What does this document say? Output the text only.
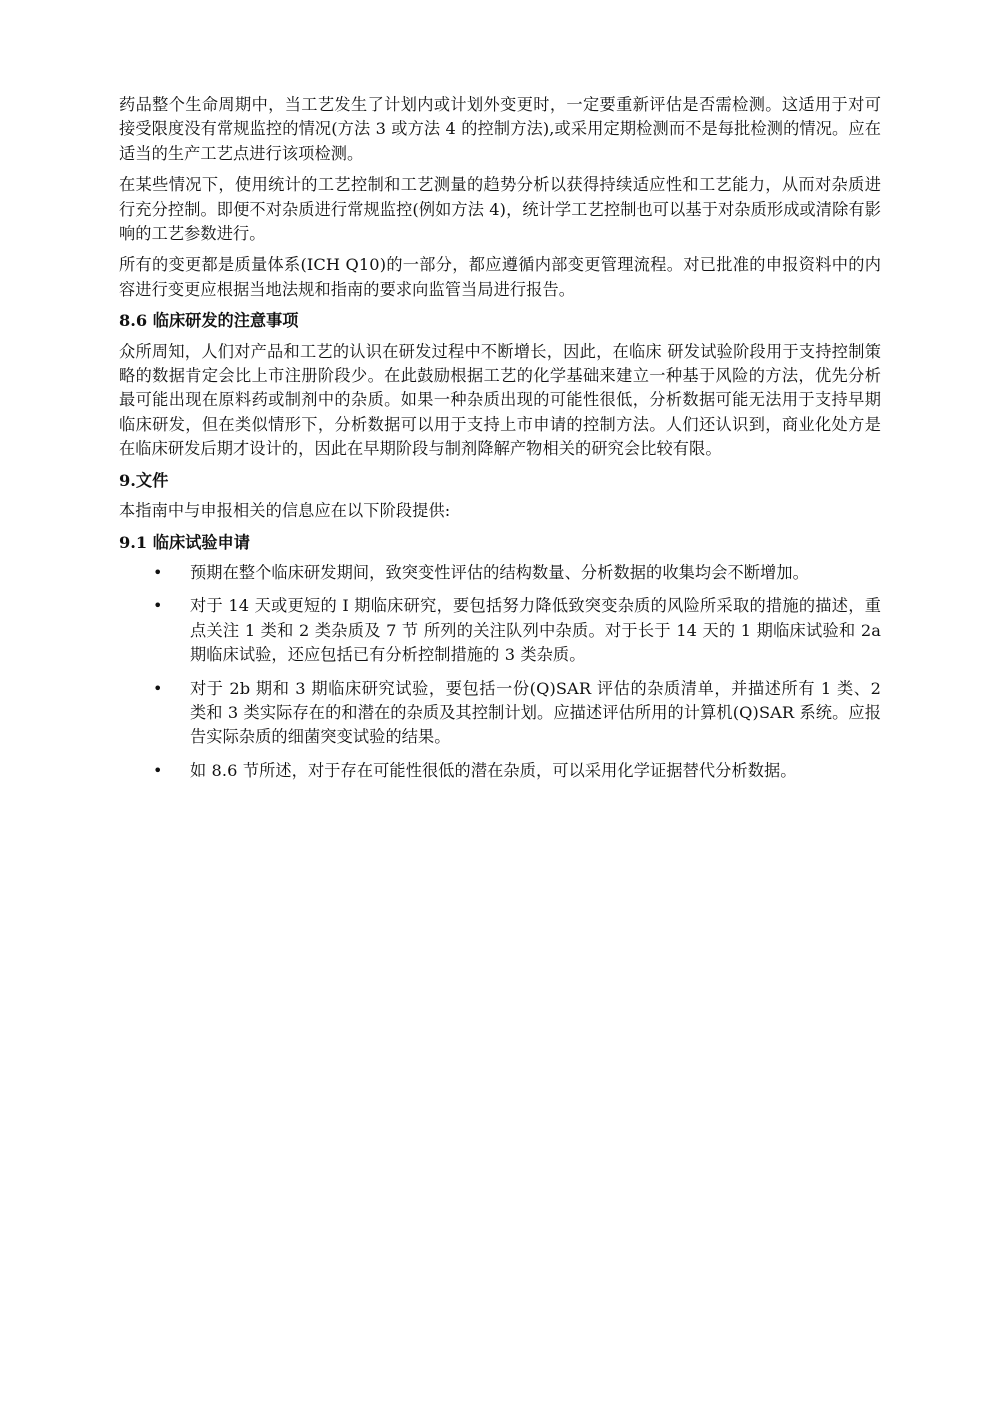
药品整个生命周期中，当工艺发生了计划内或计划外变更时，一定要重新评估是否需检测。这适用于对可接受限度没有常规监控的情况(方法 3 或方法 4 的控制方法),或采用定期检测而不是每批检测的情况。应在适当的生产工艺点进行该项检测。

在某些情况下，使用统计的工艺控制和工艺测量的趋势分析以获得持续适应性和工艺能力，从而对杂质进行充分控制。即便不对杂质进行常规监控(例如方法 4)，统计学工艺控制也可以基于对杂质形成或清除有影响的工艺参数进行。

所有的变更都是质量体系(ICH Q10)的一部分，都应遵循内部变更管理流程。对已批准的申报资料中的内容进行变更应根据当地法规和指南的要求向监管当局进行报告。

8.6 临床研发的注意事项

众所周知，人们对产品和工艺的认识在研发过程中不断增长，因此，在临床 研发试验阶段用于支持控制策略的数据肯定会比上市注册阶段少。在此鼓励根据工艺的化学基础来建立一种基于风险的方法，优先分析最可能出现在原料药或制剂中的杂质。如果一种杂质出现的可能性很低，分析数据可能无法用于支持早期临床研发，但在类似情形下，分析数据可以用于支持上市申请的控制方法。人们还认识到，商业化处方是在临床研发后期才设计的，因此在早期阶段与制剂降解产物相关的研究会比较有限。

9.文件

本指南中与申报相关的信息应在以下阶段提供:

9.1 临床试验申请
• 预期在整个临床研发期间，致突变性评估的结构数量、分析数据的收集均会不断增加。
• 对于 14 天或更短的 I 期临床研究，要包括努力降低致突变杂质的风险所采取的措施的描述，重点关注 1 类和 2 类杂质及 7 节 所列的关注队列中杂质。对于长于 14 天的 1 期临床试验和 2a 期临床试验，还应包括已有分析控制措施的 3 类杂质。
• 对于 2b 期和 3 期临床研究试验，要包括一份(Q)SAR 评估的杂质清单，并描述所有 1 类、2 类和 3 类实际存在的和潜在的杂质及其控制计划。应描述评估所用的计算机(Q)SAR 系统。应报告实际杂质的细菌突变试验的结果。
• 如 8.6 节所述，对于存在可能性很低的潜在杂质，可以采用化学证据替代分析数据。
